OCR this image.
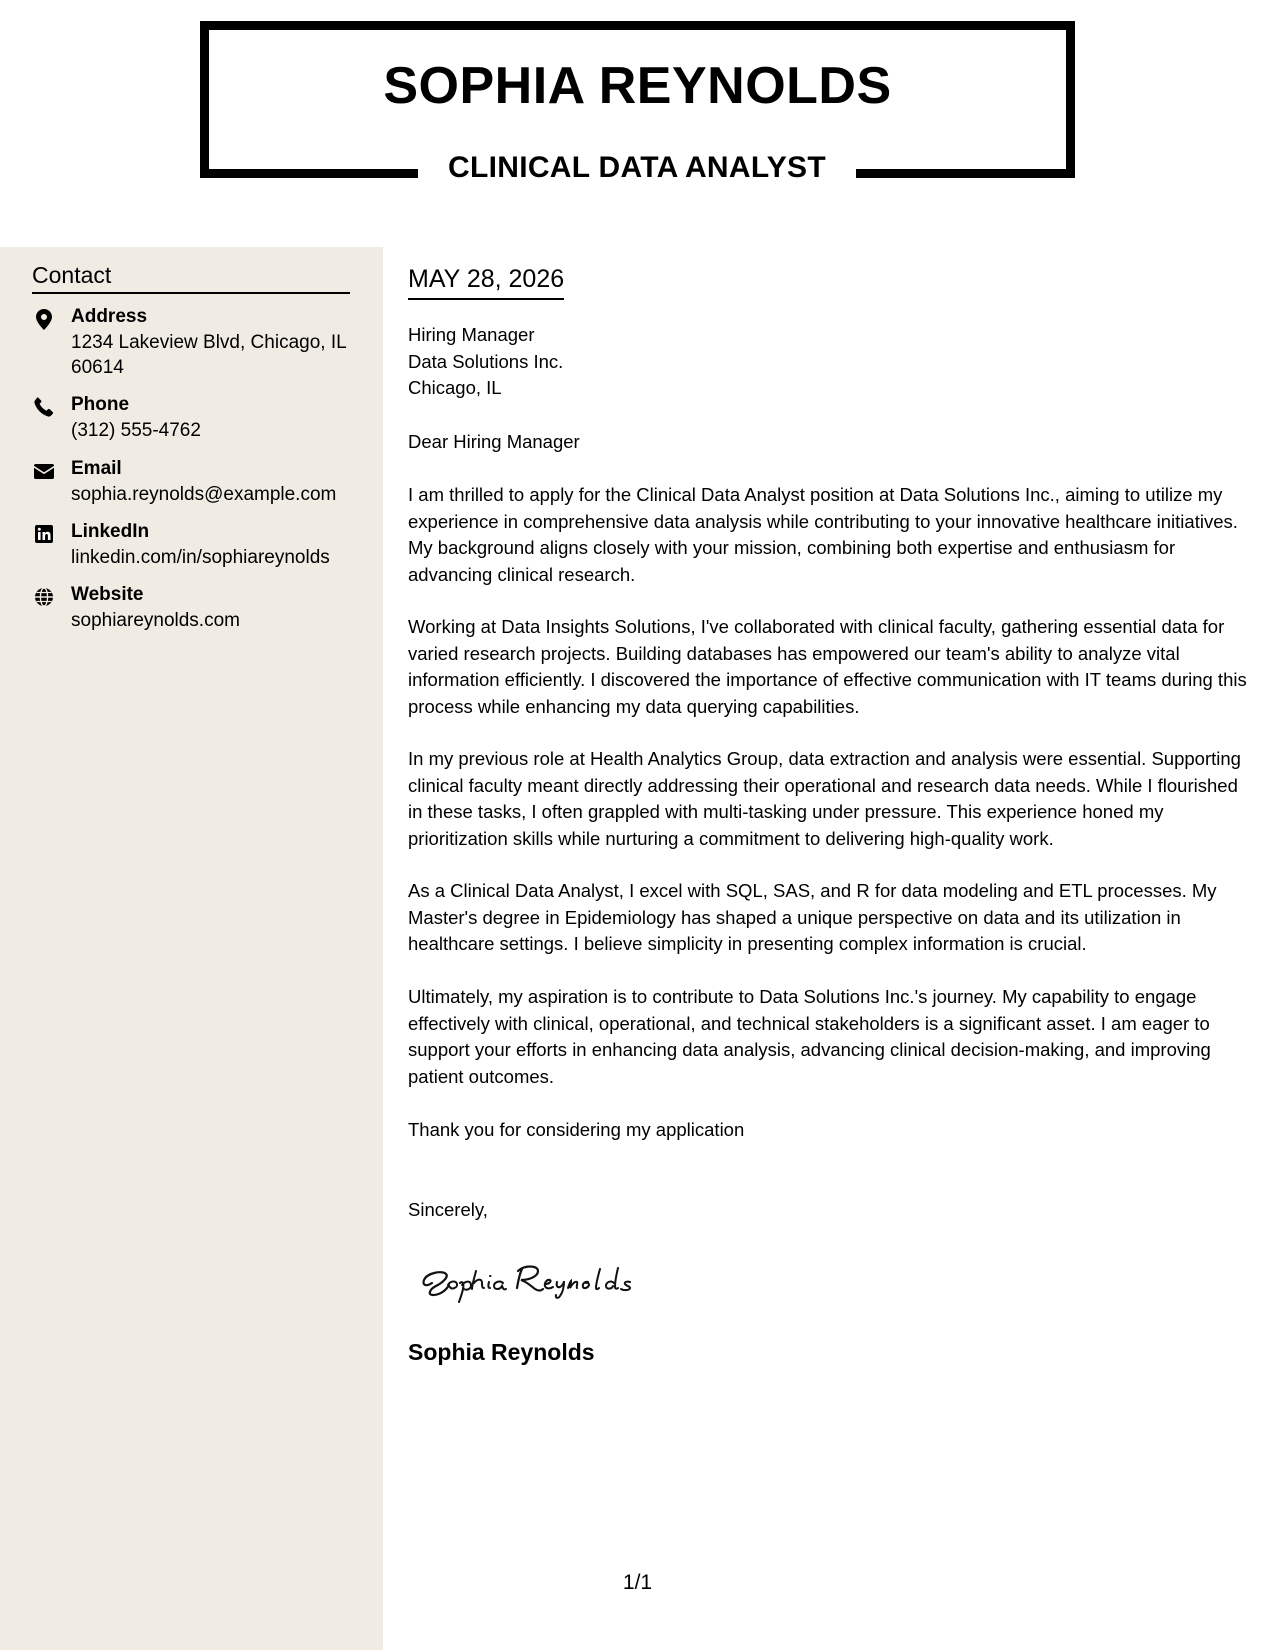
SOPHIA REYNOLDS
CLINICAL DATA ANALYST
Contact
Address
1234 Lakeview Blvd, Chicago, IL 60614
Phone
(312) 555-4762
Email
sophia.reynolds@example.com
LinkedIn
linkedin.com/in/sophiareynolds
Website
sophiareynolds.com
MAY 28, 2026
Hiring Manager
Data Solutions Inc.
Chicago, IL
Dear Hiring Manager

I am thrilled to apply for the Clinical Data Analyst position at Data Solutions Inc., aiming to utilize my experience in comprehensive data analysis while contributing to your innovative healthcare initiatives. My background aligns closely with your mission, combining both expertise and enthusiasm for advancing clinical research.

Working at Data Insights Solutions, I've collaborated with clinical faculty, gathering essential data for varied research projects. Building databases has empowered our team's ability to analyze vital information efficiently. I discovered the importance of effective communication with IT teams during this process while enhancing my data querying capabilities.

In my previous role at Health Analytics Group, data extraction and analysis were essential. Supporting clinical faculty meant directly addressing their operational and research data needs. While I flourished in these tasks, I often grappled with multi-tasking under pressure. This experience honed my prioritization skills while nurturing a commitment to delivering high-quality work.

As a Clinical Data Analyst, I excel with SQL, SAS, and R for data modeling and ETL processes. My Master's degree in Epidemiology has shaped a unique perspective on data and its utilization in healthcare settings. I believe simplicity in presenting complex information is crucial.

Ultimately, my aspiration is to contribute to Data Solutions Inc.'s journey. My capability to engage effectively with clinical, operational, and technical stakeholders is a significant asset. I am eager to support your efforts in enhancing data analysis, advancing clinical decision-making, and improving patient outcomes.

Thank you for considering my application
Sincerely,
Sophia Reynolds
1/1
